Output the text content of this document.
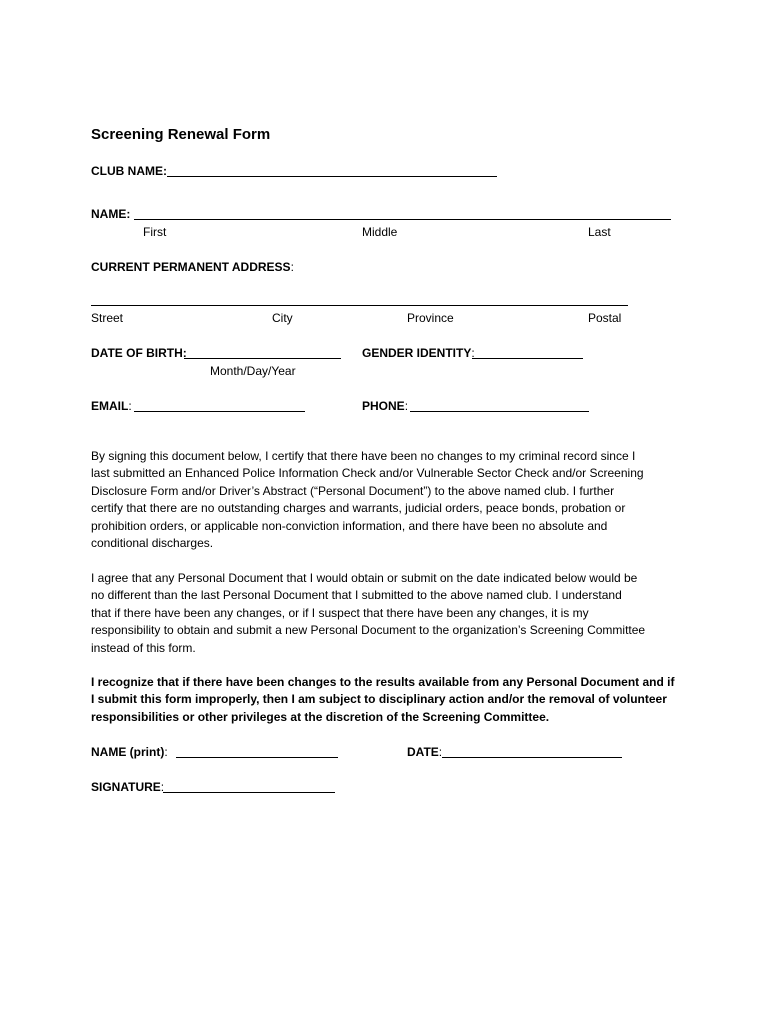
Screening Renewal Form
CLUB NAME:
NAME:
First	Middle	Last
CURRENT PERMANENT ADDRESS:
Street	City	Province	Postal
DATE OF BIRTH:
Month/Day/Year
GENDER IDENTITY:
EMAIL:	PHONE:
By signing this document below, I certify that there have been no changes to my criminal record since I
last submitted an Enhanced Police Information Check and/or Vulnerable Sector Check and/or Screening
Disclosure Form and/or Driver’s Abstract (“Personal Document”) to the above named club. I further
certify that there are no outstanding charges and warrants, judicial orders, peace bonds, probation or
prohibition orders, or applicable non-conviction information, and there have been no absolute and
conditional discharges.
I agree that any Personal Document that I would obtain or submit on the date indicated below would be
no different than the last Personal Document that I submitted to the above named club. I understand
that if there have been any changes, or if I suspect that there have been any changes, it is my
responsibility to obtain and submit a new Personal Document to the organization’s Screening Committee
instead of this form.
I recognize that if there have been changes to the results available from any Personal Document and if
I submit this form improperly, then I am subject to disciplinary action and/or the removal of volunteer
responsibilities or other privileges at the discretion of the Screening Committee.
NAME (print):	DATE:
SIGNATURE:
